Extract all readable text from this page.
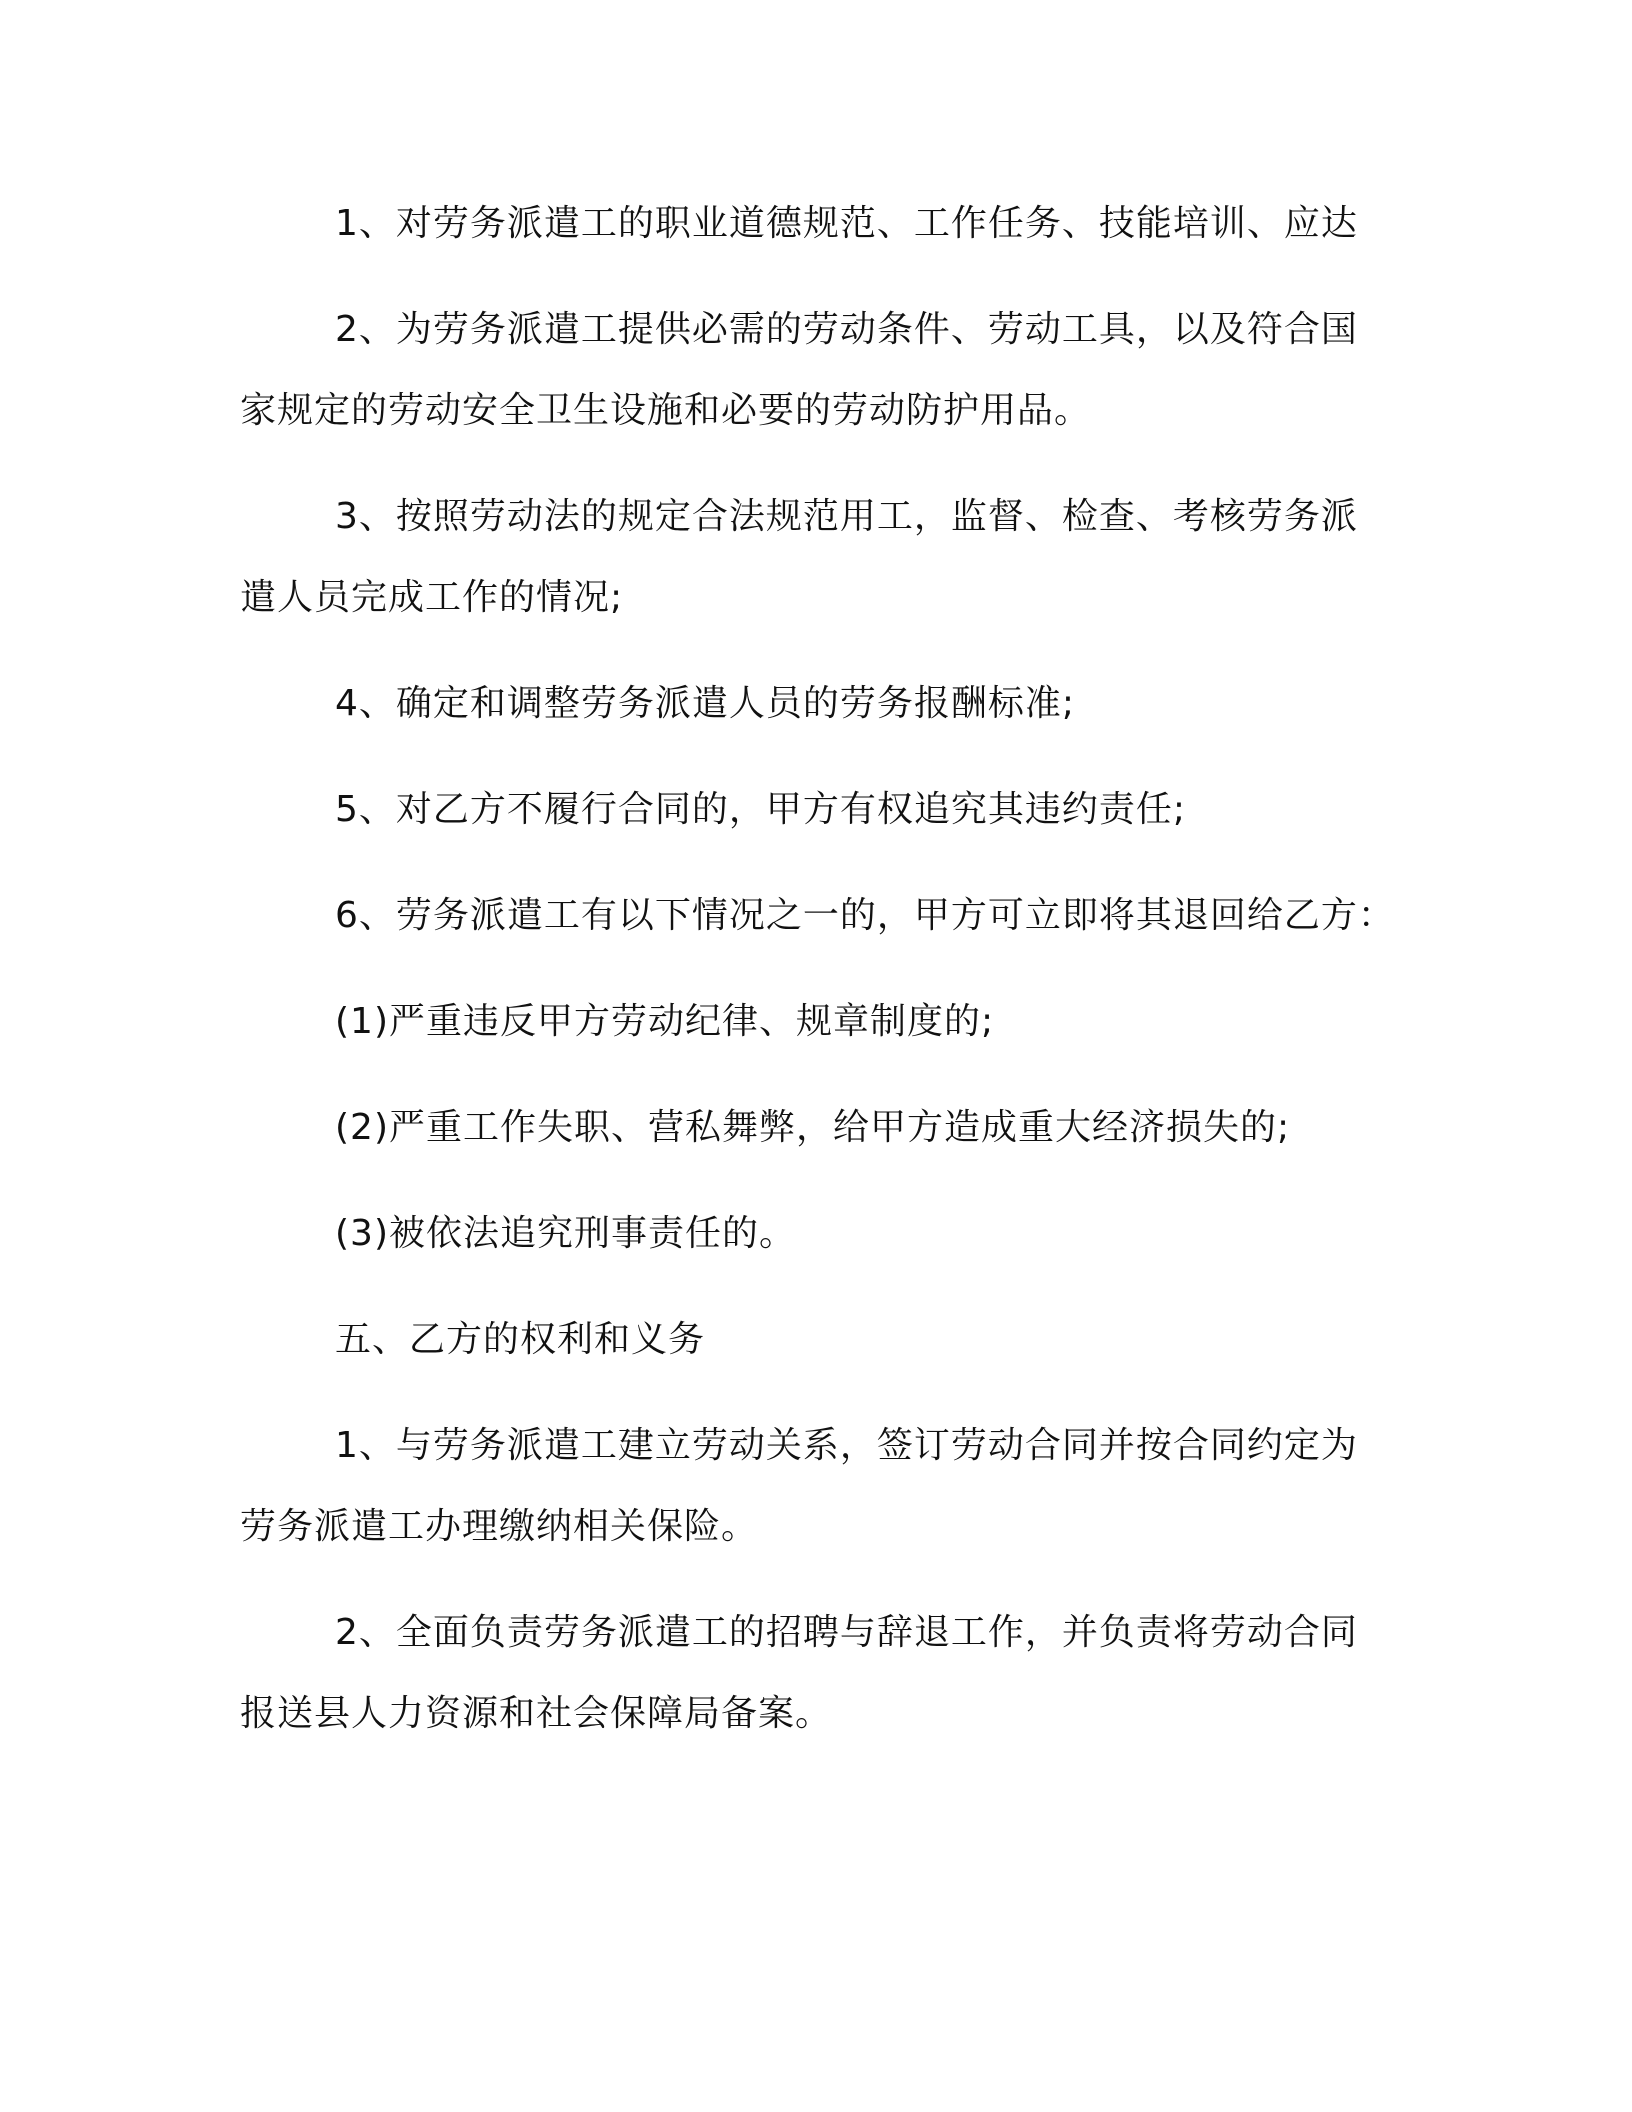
1、对劳务派遣工的职业道德规范、工作任务、技能培训、应达

2、为劳务派遣工提供必需的劳动条件、劳动工具，以及符合国家规定的劳动安全卫生设施和必要的劳动防护用品。

3、按照劳动法的规定合法规范用工，监督、检查、考核劳务派遣人员完成工作的情况;

4、确定和调整劳务派遣人员的劳务报酬标准;

5、对乙方不履行合同的，甲方有权追究其违约责任;

6、劳务派遣工有以下情况之一的，甲方可立即将其退回给乙方：

(1)严重违反甲方劳动纪律、规章制度的;

(2)严重工作失职、营私舞弊，给甲方造成重大经济损失的;

(3)被依法追究刑事责任的。

五、乙方的权利和义务

1、与劳务派遣工建立劳动关系，签订劳动合同并按合同约定为劳务派遣工办理缴纳相关保险。

2、全面负责劳务派遣工的招聘与辞退工作，并负责将劳动合同报送县人力资源和社会保障局备案。
